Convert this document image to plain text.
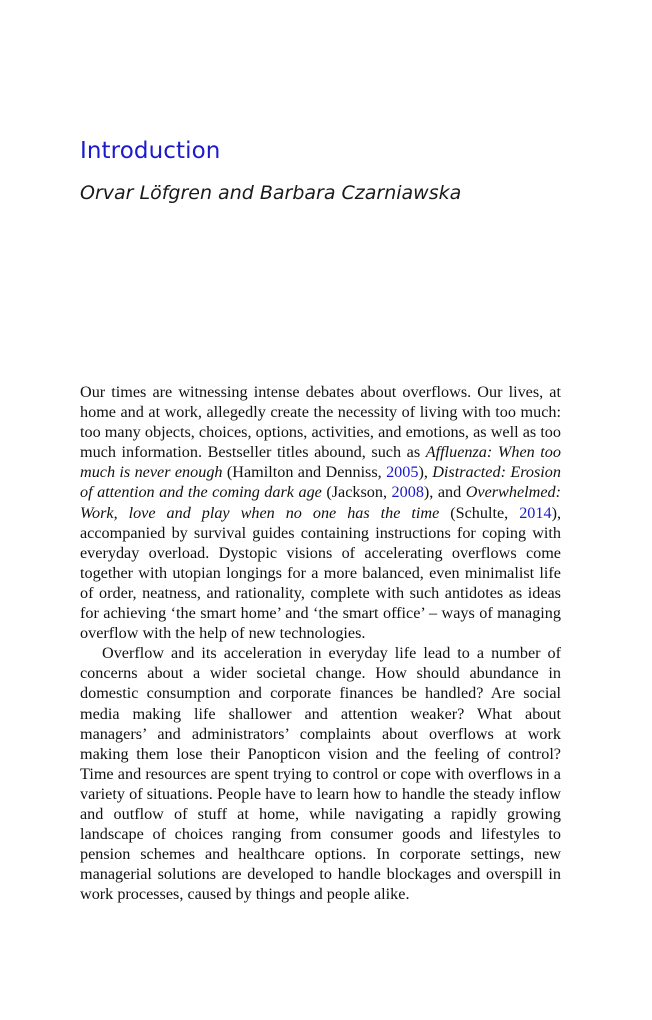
Introduction
Orvar Löfgren and Barbara Czarniawska

Our times are witnessing intense debates about overflows. Our lives, at home and at work, allegedly create the necessity of living with too much: too many objects, choices, options, activities, and emotions, as well as too much information. Bestseller titles abound, such as Affluenza: When too much is never enough (Hamilton and Denniss, 2005), Distracted: Erosion of attention and the coming dark age (Jackson, 2008), and Overwhelmed: Work, love and play when no one has the time (Schulte, 2014), accompanied by survival guides containing instructions for coping with everyday overload. Dystopic visions of accelerating overflows come together with utopian longings for a more balanced, even minimalist life of order, neatness, and rationality, complete with such antidotes as ideas for achieving ‘the smart home’ and ‘the smart office’ – ways of managing overflow with the help of new technologies.

Overflow and its acceleration in everyday life lead to a number of concerns about a wider societal change. How should abundance in domestic consumption and corporate finances be handled? Are social media making life shallower and attention weaker? What about managers’ and administrators’ complaints about overflows at work making them lose their Panopticon vision and the feeling of control? Time and resources are spent trying to control or cope with overflows in a variety of situations. People have to learn how to handle the steady inflow and outflow of stuff at home, while navigating a rapidly growing landscape of choices ranging from consumer goods and lifestyles to pension schemes and healthcare options. In corporate settings, new managerial solutions are developed to handle blockages and overspill in work processes, caused by things and people alike.
